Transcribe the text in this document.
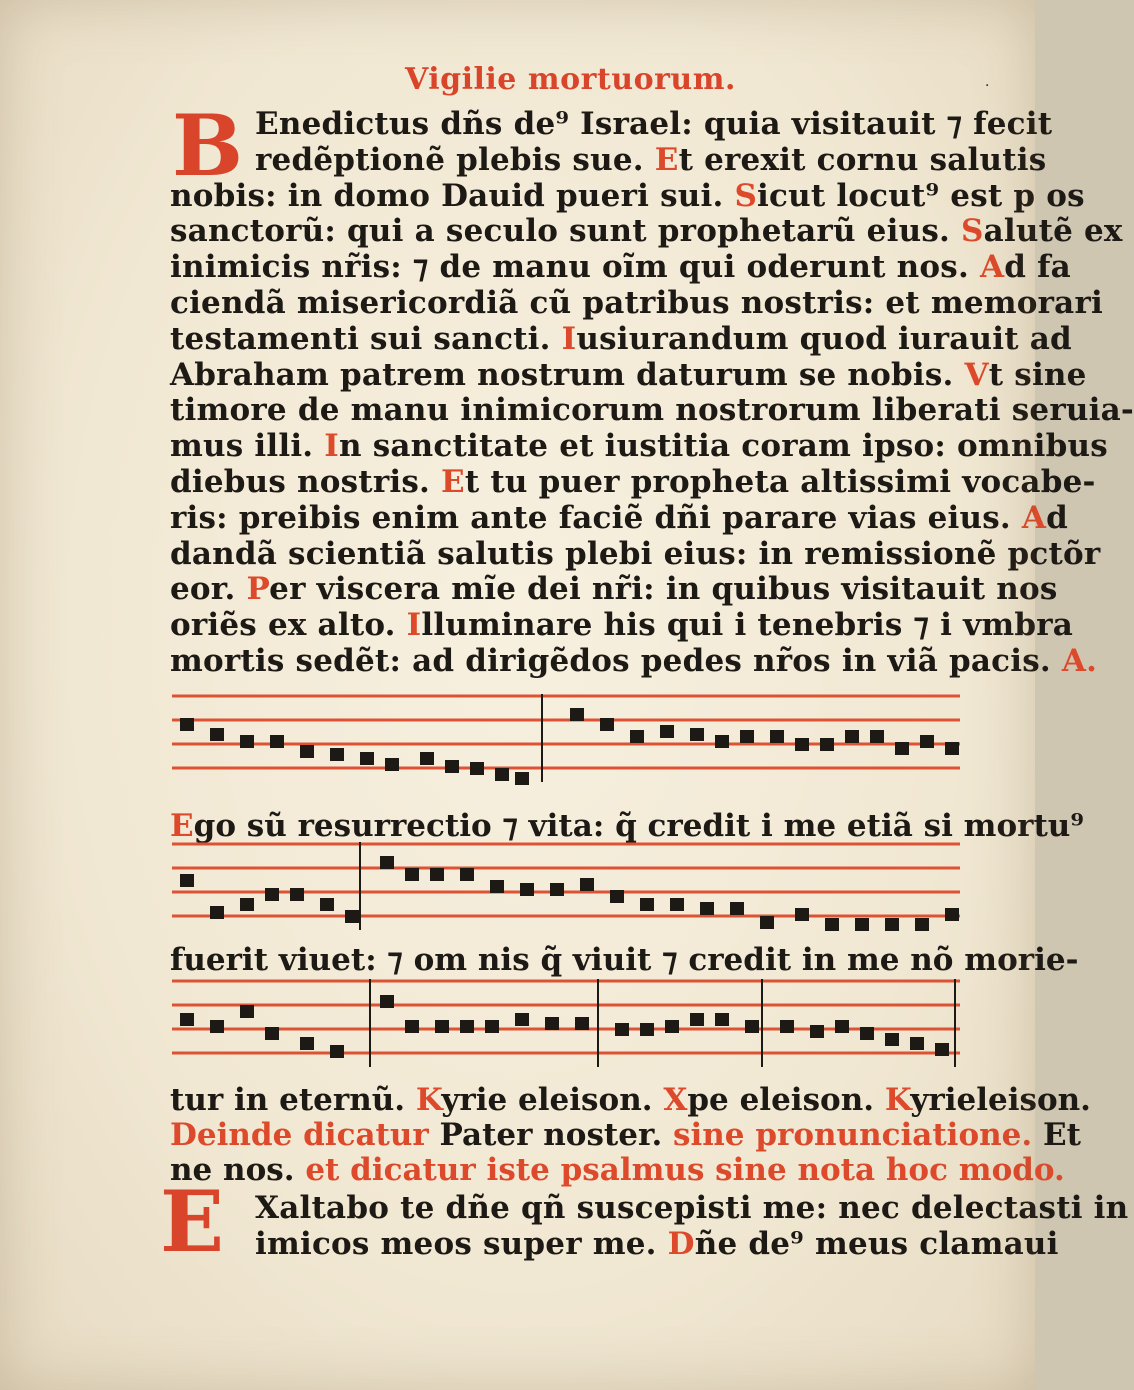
Vigilie mortuorum.
B Enedictus dñs de⁹ Israel: quia visitauit ⁊ fecit
redẽptionẽ plebis sue. Et erexit cornu salutis
nobis: in domo Dauid pueri sui. Sicut locut⁹ est p os
sanctorũ: qui a seculo sunt prophetarũ eius. Salutẽ ex
inimicis nr̃is: ⁊ de manu oĩm qui oderunt nos. Ad fa
ciendã misericordiã cũ patribus nostris: et memorari
testamenti sui sancti. Iusiurandum quod iurauit ad
Abraham patrem nostrum daturum se nobis. Vt sine
timore de manu inimicorum nostrorum liberati seruia-
mus illi. In sanctitate et iustitia coram ipso: omnibus
diebus nostris. Et tu puer propheta altissimi vocabe-
ris: preibis enim ante faciẽ dñi parare vias eius. Ad
dandã scientiã salutis plebi eius: in remissionẽ pctõr
eor. Per viscera mĩe dei nr̃i: in quibus visitauit nos
oriẽs ex alto. Illuminare his qui i tenebris ⁊ i vmbra
mortis sedẽt: ad dirigẽdos pedes nr̃os in viã pacis. A.
Ego sũ resurrectio ⁊ vita: q̃ credit i me etiã si mortu⁹
fuerit viuet: ⁊ om nis q̃ viuit ⁊ credit in me nõ morie-
tur in eternũ. Kyrie eleison. Xpe eleison. Kyrieleison.
Deinde dicatur Pater noster. sine pronunciatione. Et
ne nos. et dicatur iste psalmus sine nota hoc modo.
E Xaltabo te dñe qñ suscepisti me: nec delectasti in
imicos meos super me. Dñe de⁹ meus clamaui
·
